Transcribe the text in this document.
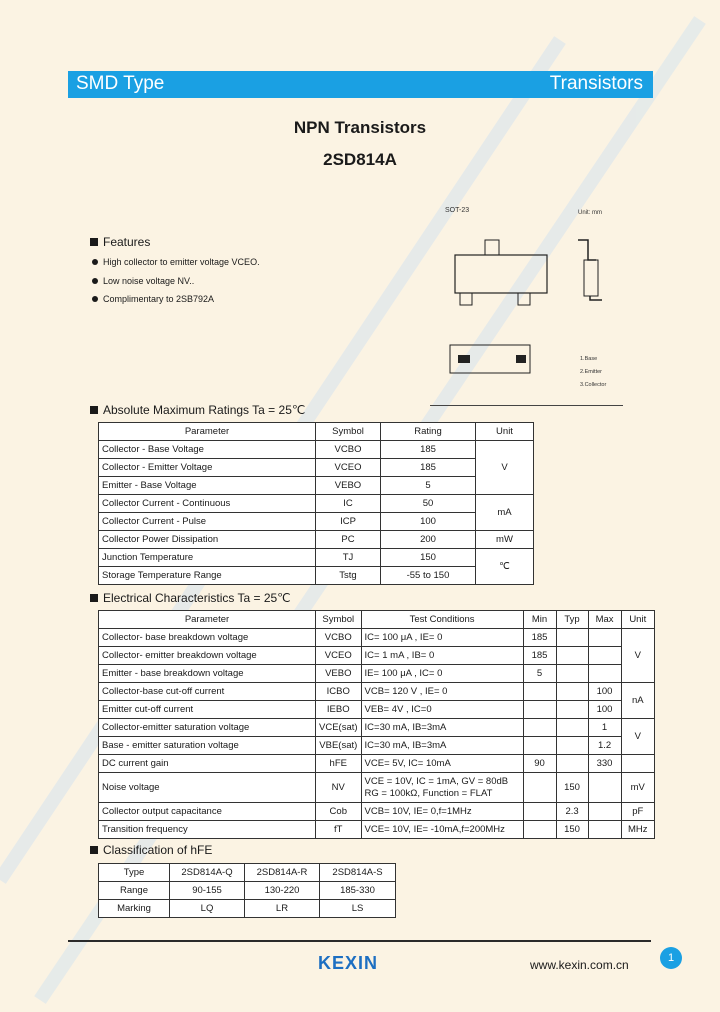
SMD Type	Transistors
NPN Transistors
2SD814A
Features
High collector to emitter voltage VCEO.
Low noise voltage NV..
Complimentary to 2SB792A
SOT-23	Unit: mm
1.Base
2.Emitter
3.Collector
Absolute Maximum Ratings Ta = 25℃
Parameter	Symbol	Rating	Unit
Collector - Base Voltage	VCBO	185	V
Collector - Emitter Voltage	VCEO	185	
Emitter - Base Voltage	VEBO	5	
Collector Current - Continuous	IC	50	mA
Collector Current - Pulse	ICP	100	
Collector Power Dissipation	PC	200	mW
Junction Temperature	TJ	150	℃
Storage Temperature Range	Tstg	-55 to 150	
Electrical Characteristics Ta = 25℃
Parameter	Symbol	Test Conditions	Min	Typ	Max	Unit
Collector- base breakdown voltage	VCBO	IC= 100 μA , IE= 0	185			V
Collector- emitter breakdown voltage	VCEO	IC= 1 mA , IB= 0	185			
Emitter - base breakdown voltage	VEBO	IE= 100 μA , IC= 0	5			
Collector-base cut-off current	ICBO	VCB= 120 V , IE= 0			100	nA
Emitter cut-off current	IEBO	VEB= 4V , IC=0			100	
Collector-emitter saturation voltage	VCE(sat)	IC=30 mA, IB=3mA			1	V
Base - emitter saturation voltage	VBE(sat)	IC=30 mA, IB=3mA			1.2	
DC current gain	hFE	VCE= 5V, IC= 10mA	90		330	
Noise voltage	NV	VCE = 10V, IC = 1mA, GV = 80dB
RG = 100kΩ, Function = FLAT		150		mV
Collector output capacitance	Cob	VCB= 10V, IE= 0,f=1MHz		2.3		pF
Transition frequency	fT	VCE= 10V, IE= -10mA,f=200MHz		150		MHz
Classification of hFE
Type	2SD814A-Q	2SD814A-R	2SD814A-S
Range	90-155	130-220	185-330
Marking	LQ	LR	LS
KEXIN	www.kexin.com.cn	1
